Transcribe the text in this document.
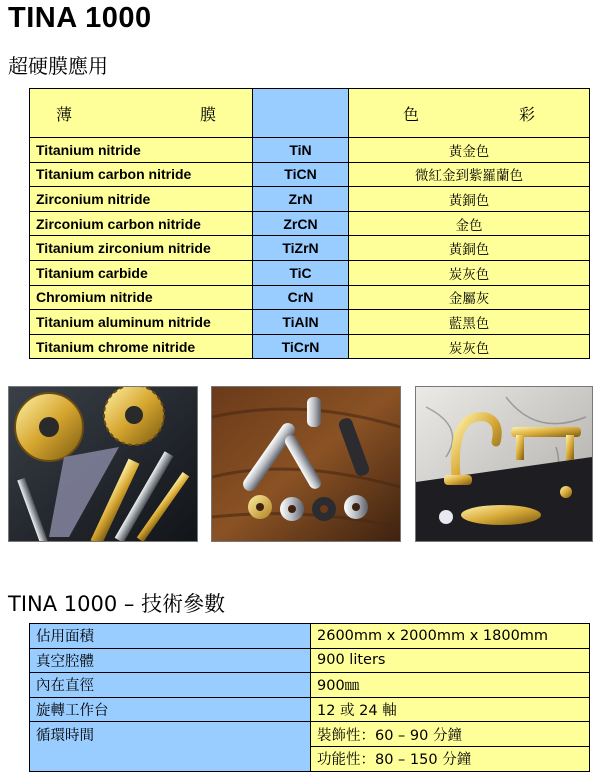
TINA 1000
超硬膜應用
薄 膜		色 彩

Titanium nitride	TiN	黃金色
Titanium carbon nitride	TiCN	微紅金到紫羅蘭色
Zirconium nitride	ZrN	黃銅色
Zirconium carbon nitride	ZrCN	金色
Titanium zirconium nitride	TiZrN	黃銅色
Titanium carbide	TiC	炭灰色
Chromium nitride	CrN	金屬灰
Titanium aluminum nitride	TiAlN	藍黑色
Titanium chrome nitride	TiCrN	炭灰色
TINA 1000 – 技術參數
佔用面積	2600mm x 2000mm x 1800mm
真空腔體	900 liters
內在直徑	900㎜
旋轉工作台	12 或 24 軸
循環時間	裝飾性：60 – 90 分鐘
	功能性：80 – 150 分鐘
